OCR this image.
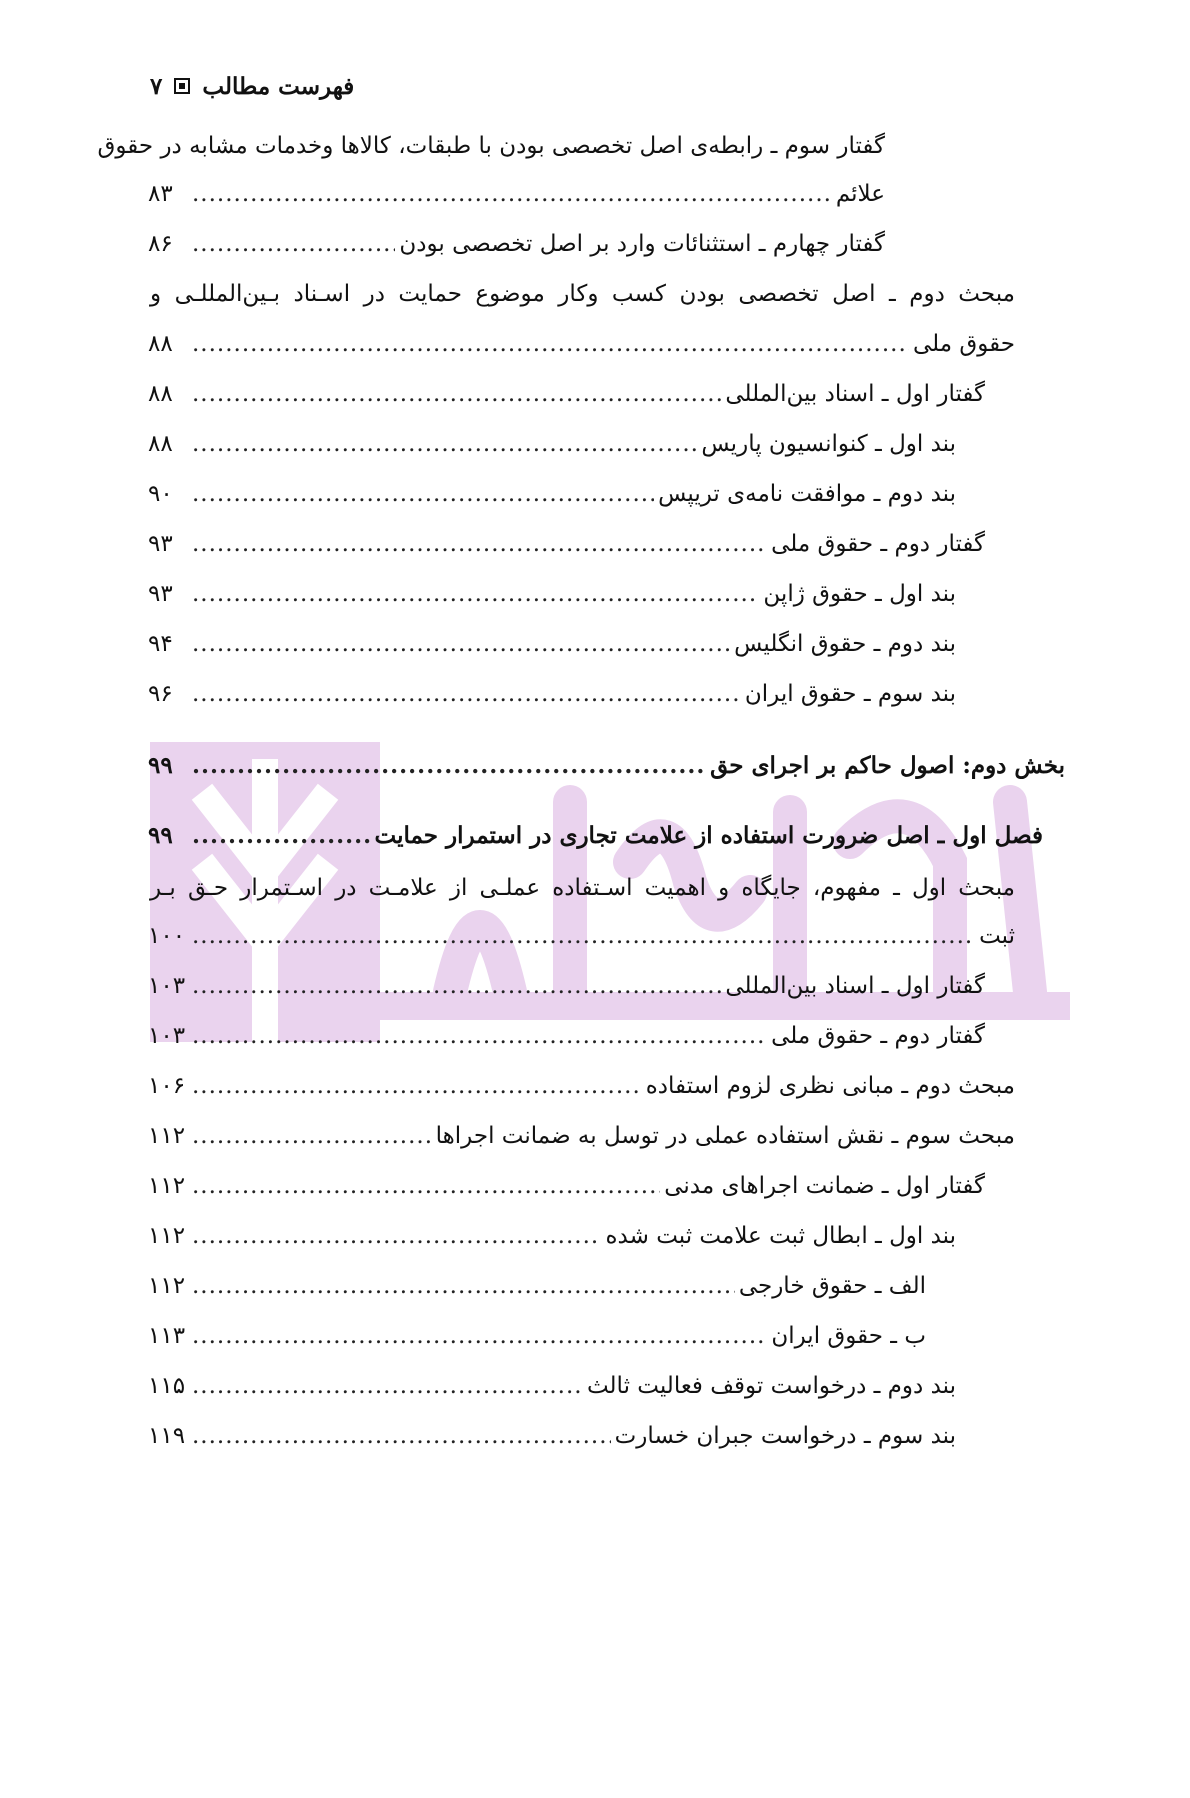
۷ فهرست مطالب
گفتار سوم ـ رابطه‌ی اصل تخصصی بودن با طبقات، کالاها وخدمات مشابه در حقوق
علائم
.....
۸۳
گفتار چهارم ـ استثنائات وارد بر اصل تخصصی بودن
.....
۸۶
مبحث دوم ـ اصل تخصصی بودن کسب وکار موضوع حمایت در اسـناد بـین‌المللـی و
حقوق ملی
.....
۸۸
گفتار اول ـ اسناد بین‌المللی
.....
۸۸
بند اول ـ کنوانسیون پاریس
.....
۸۸
بند دوم ـ موافقت نامه‌ی تریپس
.....
۹۰
گفتار دوم ـ حقوق ملی
.....
۹۳
بند اول ـ حقوق ژاپن
.....
۹۳
بند دوم ـ حقوق انگلیس
.....
۹۴
بند سوم ـ حقوق ایران
.....
۹۶
بخش دوم: اصول حاکم بر اجرای حق
.....
۹۹
فصل اول ـ اصل ضرورت استفاده از علامت تجاری در استمرار حمایت
.....
۹۹
مبحث اول ـ مفهوم، جایگاه و اهمیت اسـتفاده عملـی از علامـت در اسـتمرار حـق بـر
ثبت
.....
۱۰۰
گفتار اول ـ اسناد بین‌المللی
.....
۱۰۳
گفتار دوم ـ حقوق ملی
.....
۱۰۳
مبحث دوم ـ مبانی نظری لزوم استفاده
.....
۱۰۶
مبحث سوم ـ نقش استفاده عملی در توسل به ضمانت اجراها
.....
۱۱۲
گفتار اول ـ ضمانت اجراهای مدنی
.....
۱۱۲
بند اول ـ ابطال ثبت علامت ثبت شده
.....
۱۱۲
الف ـ حقوق خارجی
.....
۱۱۲
ب ـ حقوق ایران
.....
۱۱۳
بند دوم ـ درخواست توقف فعالیت ثالث
.....
۱۱۵
بند سوم ـ درخواست جبران خسارت
.....
۱۱۹
